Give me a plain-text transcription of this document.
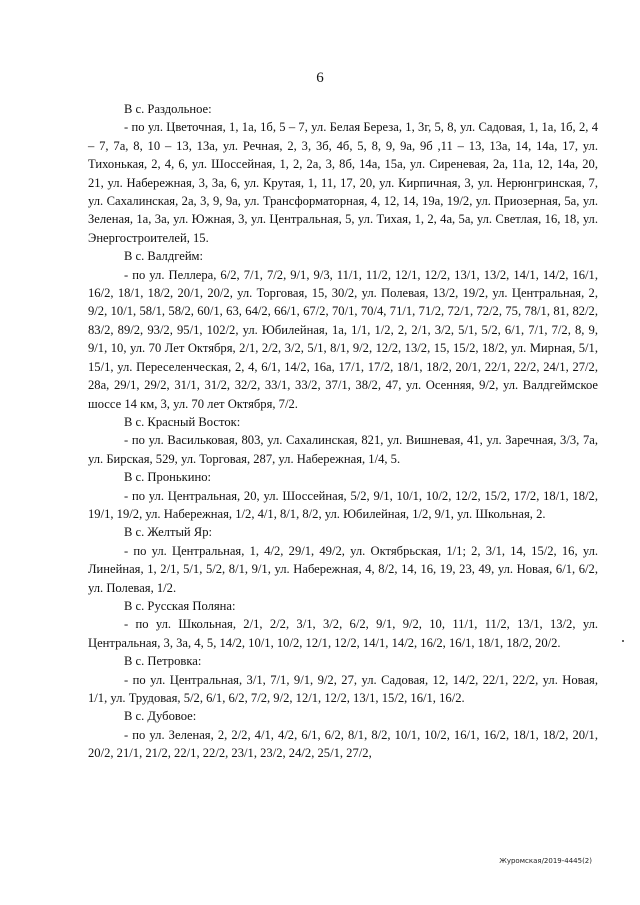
6

В с. Раздольное:

- по ул. Цветочная, 1, 1а, 1б, 5 – 7, ул. Белая Береза, 1, 3г, 5, 8, ул. Садовая, 1, 1а, 1б, 2, 4 – 7, 7а, 8, 10 – 13, 13а, ул. Речная, 2, 3, 3б, 4б, 5, 8, 9, 9а, 9б ,11 – 13, 13а, 14, 14а, 17, ул. Тихонькая, 2, 4, 6, ул. Шоссейная, 1, 2, 2а, 3, 8б, 14а, 15а, ул. Сиреневая, 2а, 11а, 12, 14а, 20, 21, ул. Набережная, 3, 3а, 6, ул. Крутая, 1, 11, 17, 20, ул. Кирпичная, 3, ул. Нерюнгринская, 7, ул. Сахалинская, 2а, 3, 9, 9а, ул. Трансформаторная, 4, 12, 14, 19а, 19/2, ул. Приозерная, 5а, ул. Зеленая, 1а, 3а, ул. Южная, 3, ул. Центральная, 5, ул. Тихая, 1, 2, 4а, 5а, ул. Светлая, 16, 18, ул. Энергостроителей, 15.

В с. Валдгейм:

- по ул. Пеллера, 6/2, 7/1, 7/2, 9/1, 9/3, 11/1, 11/2, 12/1, 12/2, 13/1, 13/2, 14/1, 14/2, 16/1, 16/2, 18/1, 18/2, 20/1, 20/2, ул. Торговая, 15, 30/2, ул. Полевая, 13/2, 19/2, ул. Центральная, 2, 9/2, 10/1, 58/1, 58/2, 60/1, 63, 64/2, 66/1, 67/2, 70/1, 70/4, 71/1, 71/2, 72/1, 72/2, 75, 78/1, 81, 82/2, 83/2, 89/2, 93/2, 95/1, 102/2, ул. Юбилейная, 1а, 1/1, 1/2, 2, 2/1, 3/2, 5/1, 5/2, 6/1, 7/1, 7/2, 8, 9, 9/1, 10, ул. 70 Лет Октября, 2/1, 2/2, 3/2, 5/1, 8/1, 9/2, 12/2, 13/2, 15, 15/2, 18/2, ул. Мирная, 5/1, 15/1, ул. Переселенческая, 2, 4, 6/1, 14/2, 16а, 17/1, 17/2, 18/1, 18/2, 20/1, 22/1, 22/2, 24/1, 27/2, 28а, 29/1, 29/2, 31/1, 31/2, 32/2, 33/1, 33/2, 37/1, 38/2, 47, ул. Осенняя, 9/2, ул. Валдгеймское шоссе 14 км, 3, ул. 70 лет Октября, 7/2.

В с. Красный Восток:

- по ул. Васильковая, 803, ул. Сахалинская, 821, ул. Вишневая, 41, ул. Заречная, 3/3, 7а, ул. Бирская, 529, ул. Торговая, 287, ул. Набережная, 1/4, 5.

В с. Пронькино:

- по ул. Центральная, 20, ул. Шоссейная, 5/2, 9/1, 10/1, 10/2, 12/2, 15/2, 17/2, 18/1, 18/2, 19/1, 19/2, ул. Набережная, 1/2, 4/1, 8/1, 8/2, ул. Юбилейная, 1/2, 9/1, ул. Школьная, 2.

В с. Желтый Яр:

- по ул. Центральная, 1, 4/2, 29/1, 49/2, ул. Октябрьская, 1/1; 2, 3/1, 14, 15/2, 16, ул. Линейная, 1, 2/1, 5/1, 5/2, 8/1, 9/1, ул. Набережная, 4, 8/2, 14, 16, 19, 23, 49, ул. Новая, 6/1, 6/2, ул. Полевая, 1/2.

В с. Русская Поляна:

- по ул. Школьная, 2/1, 2/2, 3/1, 3/2, 6/2, 9/1, 9/2, 10, 11/1, 11/2, 13/1, 13/2, ул. Центральная, 3, 3а, 4, 5, 14/2, 10/1, 10/2, 12/1, 12/2, 14/1, 14/2, 16/2, 16/1, 18/1, 18/2, 20/2.

В с. Петровка:

- по ул. Центральная, 3/1, 7/1, 9/1, 9/2, 27, ул. Садовая, 12, 14/2, 22/1, 22/2, ул. Новая, 1/1, ул. Трудовая, 5/2, 6/1, 6/2, 7/2, 9/2, 12/1, 12/2, 13/1, 15/2, 16/1, 16/2.

В с. Дубовое:

- по ул. Зеленая, 2, 2/2, 4/1, 4/2, 6/1, 6/2, 8/1, 8/2, 10/1, 10/2, 16/1, 16/2, 18/1, 18/2, 20/1, 20/2, 21/1, 21/2, 22/1, 22/2, 23/1, 23/2, 24/2, 25/1, 27/2,

Журомская/2019-4445(2)
